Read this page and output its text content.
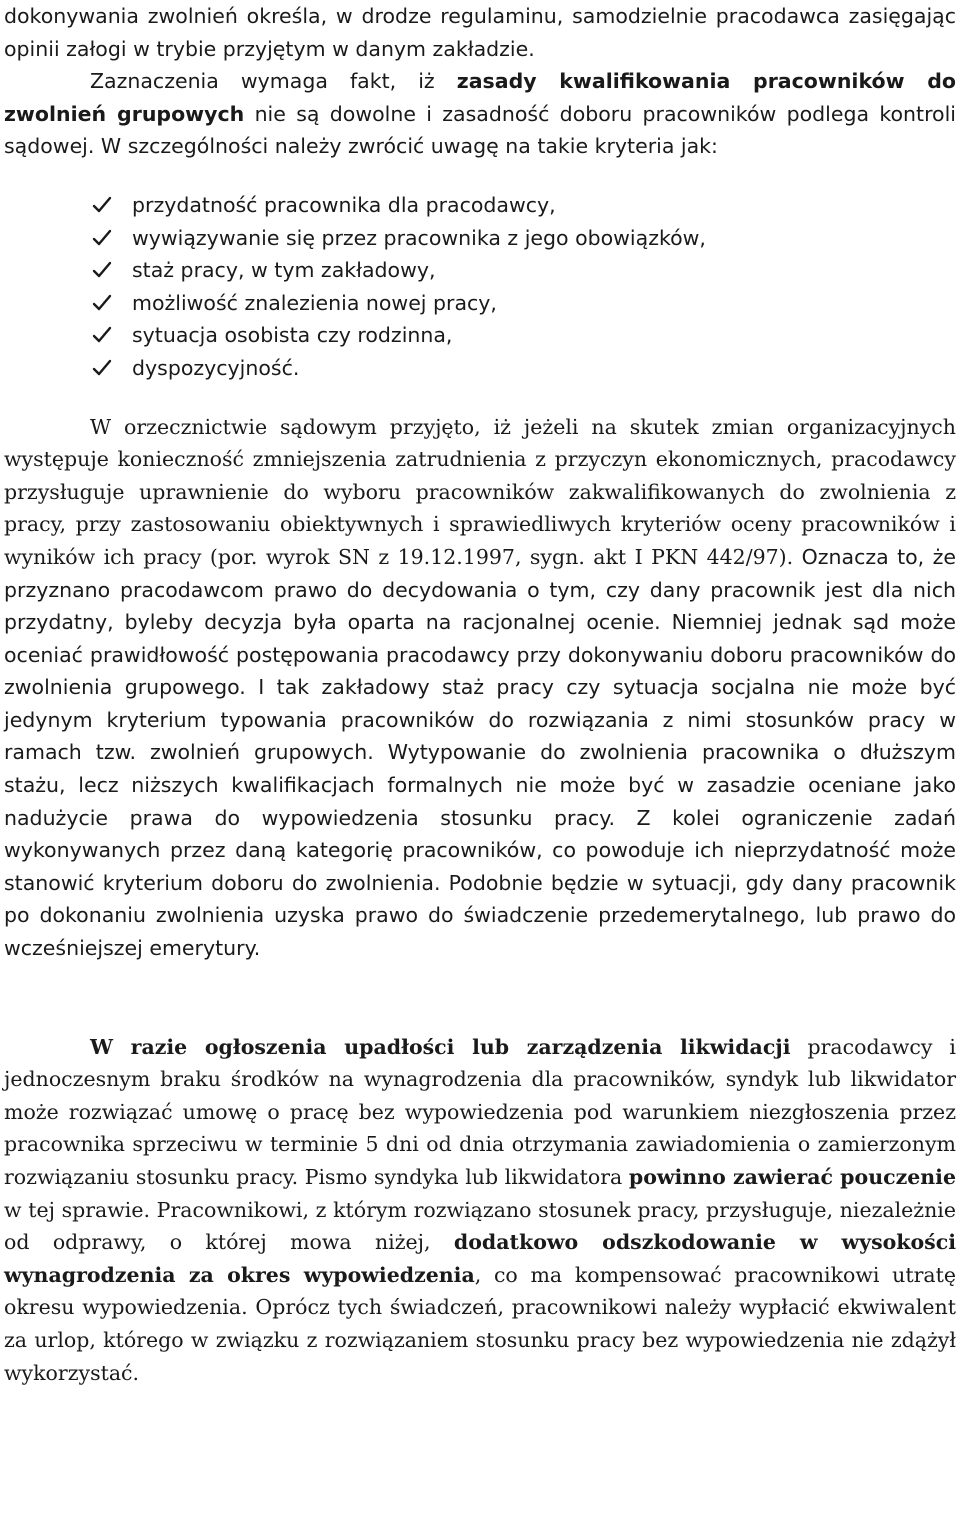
dokonywania zwolnień określa, w drodze regulaminu, samodzielnie pracodawca zasięgając opinii załogi w trybie przyjętym w danym zakładzie.

Zaznaczenia wymaga fakt, iż zasady kwalifikowania pracowników do zwolnień grupowych nie są dowolne i zasadność doboru pracowników podlega kontroli sądowej. W szczególności należy zwrócić uwagę na takie kryteria jak:

przydatność pracownika dla pracodawcy,
wywiązywanie się przez pracownika z jego obowiązków,
staż pracy, w tym zakładowy,
możliwość znalezienia nowej pracy,
sytuacja osobista czy rodzinna,
dyspozycyjność.

W orzecznictwie sądowym przyjęto, iż jeżeli na skutek zmian organizacyjnych występuje konieczność zmniejszenia zatrudnienia z przyczyn ekonomicznych, pracodawcy przysługuje uprawnienie do wyboru pracowników zakwalifikowanych do zwolnienia z pracy, przy zastosowaniu obiektywnych i sprawiedliwych kryteriów oceny pracowników i wyników ich pracy (por. wyrok SN z 19.12.1997, sygn. akt I PKN 442/97). Oznacza to, że przyznano pracodawcom prawo do decydowania o tym, czy dany pracownik jest dla nich przydatny, byleby decyzja była oparta na racjonalnej ocenie. Niemniej jednak sąd może oceniać prawidłowość postępowania pracodawcy przy dokonywaniu doboru pracowników do zwolnienia grupowego. I tak zakładowy staż pracy czy sytuacja socjalna nie może być jedynym kryterium typowania pracowników do rozwiązania z nimi stosunków pracy w ramach tzw. zwolnień grupowych. Wytypowanie do zwolnienia pracownika o dłuższym stażu, lecz niższych kwalifikacjach formalnych nie może być w zasadzie oceniane jako nadużycie prawa do wypowiedzenia stosunku pracy. Z kolei ograniczenie zadań wykonywanych przez daną kategorię pracowników, co powoduje ich nieprzydatność może stanowić kryterium doboru do zwolnienia. Podobnie będzie w sytuacji, gdy dany pracownik po dokonaniu zwolnienia uzyska prawo do świadczenie przedemerytalnego, lub prawo do wcześniejszej emerytury.

W razie ogłoszenia upadłości lub zarządzenia likwidacji pracodawcy i jednoczesnym braku środków na wynagrodzenia dla pracowników, syndyk lub likwidator może rozwiązać umowę o pracę bez wypowiedzenia pod warunkiem niezgłoszenia przez pracownika sprzeciwu w terminie 5 dni od dnia otrzymania zawiadomienia o zamierzonym rozwiązaniu stosunku pracy. Pismo syndyka lub likwidatora powinno zawierać pouczenie w tej sprawie. Pracownikowi, z którym rozwiązano stosunek pracy, przysługuje, niezależnie od odprawy, o której mowa niżej, dodatkowo odszkodowanie w wysokości wynagrodzenia za okres wypowiedzenia, co ma kompensować pracownikowi utratę okresu wypowiedzenia. Oprócz tych świadczeń, pracownikowi należy wypłacić ekwiwalent za urlop, którego w związku z rozwiązaniem stosunku pracy bez wypowiedzenia nie zdążył wykorzystać.
